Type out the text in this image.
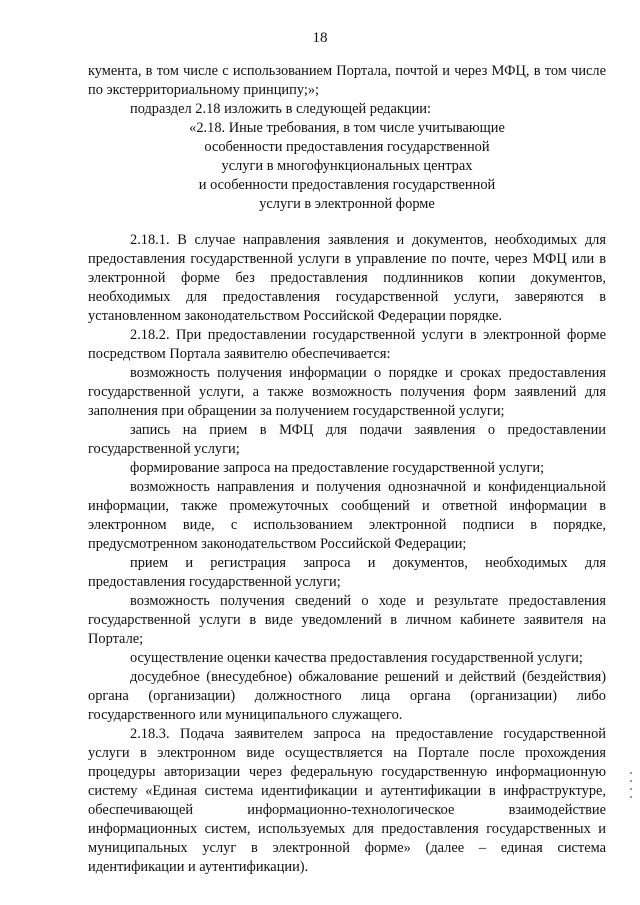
18

кумента, в том числе с использованием Портала, почтой и через МФЦ, в том числе по экстерриториальному принципу;»;

подраздел 2.18 изложить в следующей редакции:

«2.18. Иные требования, в том числе учитывающие

особенности предоставления государственной

услуги в многофункциональных центрах

и особенности предоставления государственной

услуги в электронной форме

2.18.1. В случае направления заявления и документов, необходимых для предоставления государственной услуги в управление по почте, через МФЦ или в электронной форме без предоставления подлинников копии документов, необходимых для предоставления государственной услуги, заверяются в установленном законодательством Российской Федерации порядке.

2.18.2. При предоставлении государственной услуги в электронной форме посредством Портала заявителю обеспечивается:

возможность получения информации о порядке и сроках предоставления государственной услуги, а также возможность получения форм заявлений для заполнения при обращении за получением государственной услуги;

запись на прием в МФЦ для подачи заявления о предоставлении государственной услуги;

формирование запроса на предоставление государственной услуги;

возможность направления и получения однозначной и конфиденциальной информации, также промежуточных сообщений и ответной информации в электронном виде, с использованием электронной подписи в порядке, предусмотренном законодательством Российской Федерации;

прием и регистрация запроса и документов, необходимых для предоставления государственной услуги;

возможность получения сведений о ходе и результате предоставления государственной услуги в виде уведомлений в личном кабинете заявителя на Портале;

осуществление оценки качества предоставления государственной услуги;

досудебное (внесудебное) обжалование решений и действий (бездействия) органа (организации) должностного лица органа (организации) либо государственного или муниципального служащего.

2.18.3. Подача заявителем запроса на предоставление государственной услуги в электронном виде осуществляется на Портале после прохождения процедуры авторизации через федеральную государственную информационную систему «Единая система идентификации и аутентификации в инфраструктуре, обеспечивающей информационно-технологическое взаимодействие информационных систем, используемых для предоставления государственных и муниципальных услуг в электронной форме» (далее – единая система идентификации и аутентификации).
